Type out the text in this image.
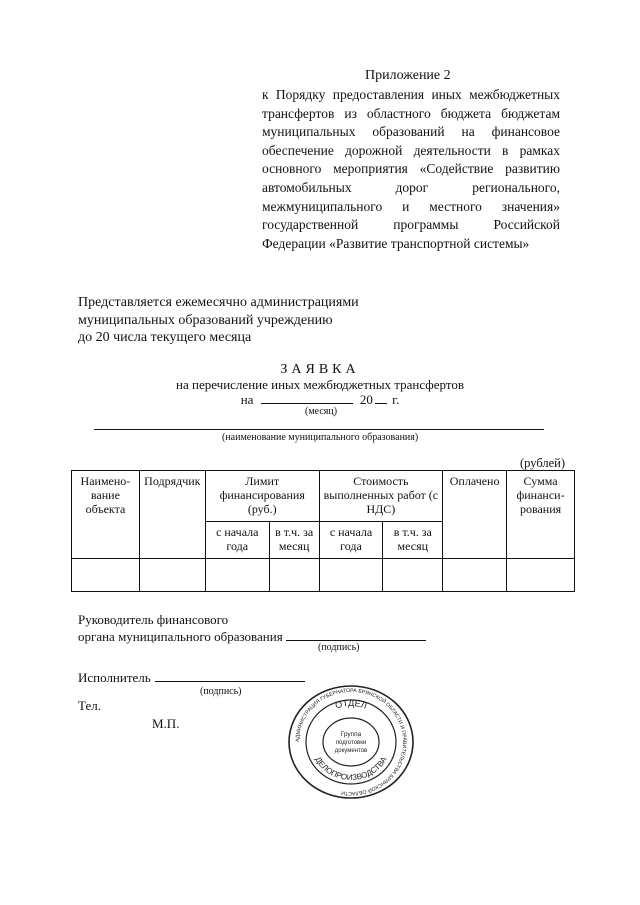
Приложение 2
к Порядку предоставления иных межбюджетных трансфертов из областного бюджета бюджетам муниципальных образований на финансовое обеспечение дорожной деятельности в рамках основного мероприятия «Содействие развитию автомобильных дорог регионального, межмуниципального и местного значения» государственной программы Российской Федерации «Развитие транспортной системы»
Представляется ежемесячно администрациями
муниципальных образований учреждению
до 20 числа текущего месяца
ЗАЯВКА
на перечисление иных межбюджетных трансфертов
на	20 г.
(месяц)
(наименование муниципального образования)
(рублей)
Наимено-вание объекта	Подрядчик	Лимит финансирования (руб.)		Стоимость выполненных работ (с НДС)		Оплачено	Сумма финанси-рования
		с начала года	в т.ч. за месяц	с начала года	в т.ч. за месяц		

Руководитель финансового
органа муниципального образования
(подпись)
Исполнитель
(подпись)
Тел.
М.П.
АДМИНИСТРАЦИЯ ГУБЕРНАТОРА БРЯНСКОЙ ОБЛАСТИ И ПРАВИТЕЛЬСТВА БРЯНСКОЙ ОБЛАСТИ
ОТДЕЛ
ДЕЛОПРОИЗВОДСТВА
Группа
подготовки
документов
